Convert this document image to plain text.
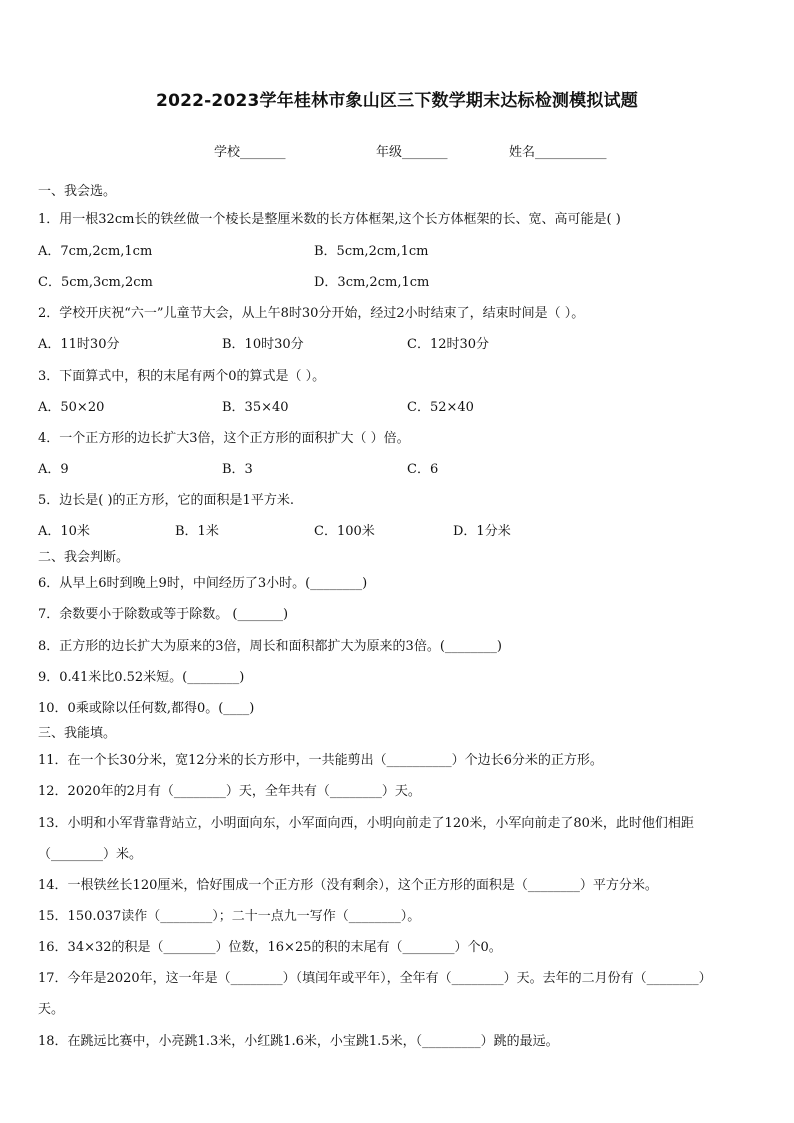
2022-2023学年桂林市象山区三下数学期末达标检测模拟试题
学校_______	年级_______	姓名___________
一、我会选。
1．用一根32cm长的铁丝做一个棱长是整厘米数的长方体框架,这个长方体框架的长、宽、高可能是( )
A．7cm,2cm,1cm	B．5cm,2cm,1cm
C．5cm,3cm,2cm	D．3cm,2cm,1cm
2．学校开庆祝“六一”儿童节大会，从上午8时30分开始，经过2小时结束了，结束时间是（ ）。
A．11时30分	B．10时30分	C．12时30分
3．下面算式中，积的末尾有两个0的算式是（ ）。
A．50×20	B．35×40	C．52×40
4．一个正方形的边长扩大3倍，这个正方形的面积扩大（ ）倍。
A．9	B．3	C．6
5．边长是( )的正方形，它的面积是1平方米.
A．10米	B．1米	C．100米	D．1分米
二、我会判断。
6．从早上6时到晚上9时，中间经历了3小时。(________)
7．余数要小于除数或等于除数。 (_______)
8．正方形的边长扩大为原来的3倍，周长和面积都扩大为原来的3倍。(________)
9．0.41米比0.52米短。(________)
10．0乘或除以任何数,都得0。(____)
三、我能填。
11．在一个长30分米，宽12分米的长方形中，一共能剪出（__________）个边长6分米的正方形。
12．2020年的2月有（________）天，全年共有（________）天。
13．小明和小军背靠背站立，小明面向东，小军面向西，小明向前走了120米，小军向前走了80米，此时他们相距
（________）米。
14．一根铁丝长120厘米，恰好围成一个正方形（没有剩余），这个正方形的面积是（________）平方分米。
15．150.037读作（________）；二十一点九一写作（________）。
16．34×32的积是（________）位数，16×25的积的末尾有（________）个0。
17．今年是2020年，这一年是（________）（填闰年或平年），全年有（________）天。去年的二月份有（________）
天。
18．在跳远比赛中，小亮跳1.3米，小红跳1.6米，小宝跳1.5米，（_________）跳的最远。
